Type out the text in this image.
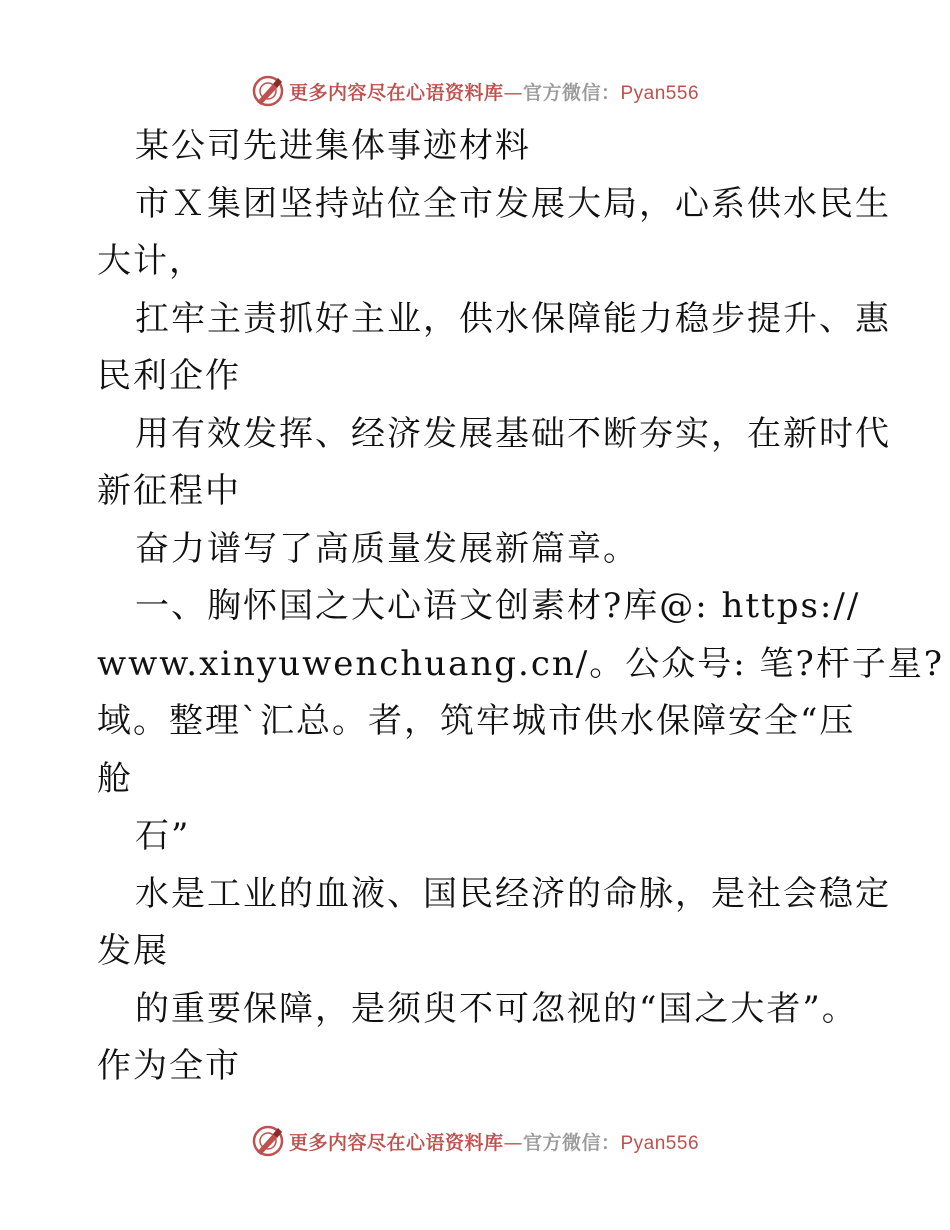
更多内容尽在心语资料库—官方微信：Pyan556
某公司先进集体事迹材料
市Ｘ集团坚持站位全市发展大局，心系供水民生
大计，
扛牢主责抓好主业，供水保障能力稳步提升、惠
民利企作
用有效发挥、经济发展基础不断夯实，在新时代
新征程中
奋力谱写了高质量发展新篇章。
一、胸怀国之大心语文创素材?库@: https://
www.xinyuwenchuang.cn/。公众号: 笔?杆子星?
域。整理`汇总。者，筑牢城市供水保障安全“压
舱
石”
水是工业的血液、国民经济的命脉，是社会稳定
发展
的重要保障，是须臾不可忽视的“国之大者”。
作为全市
更多内容尽在心语资料库—官方微信：Pyan556
